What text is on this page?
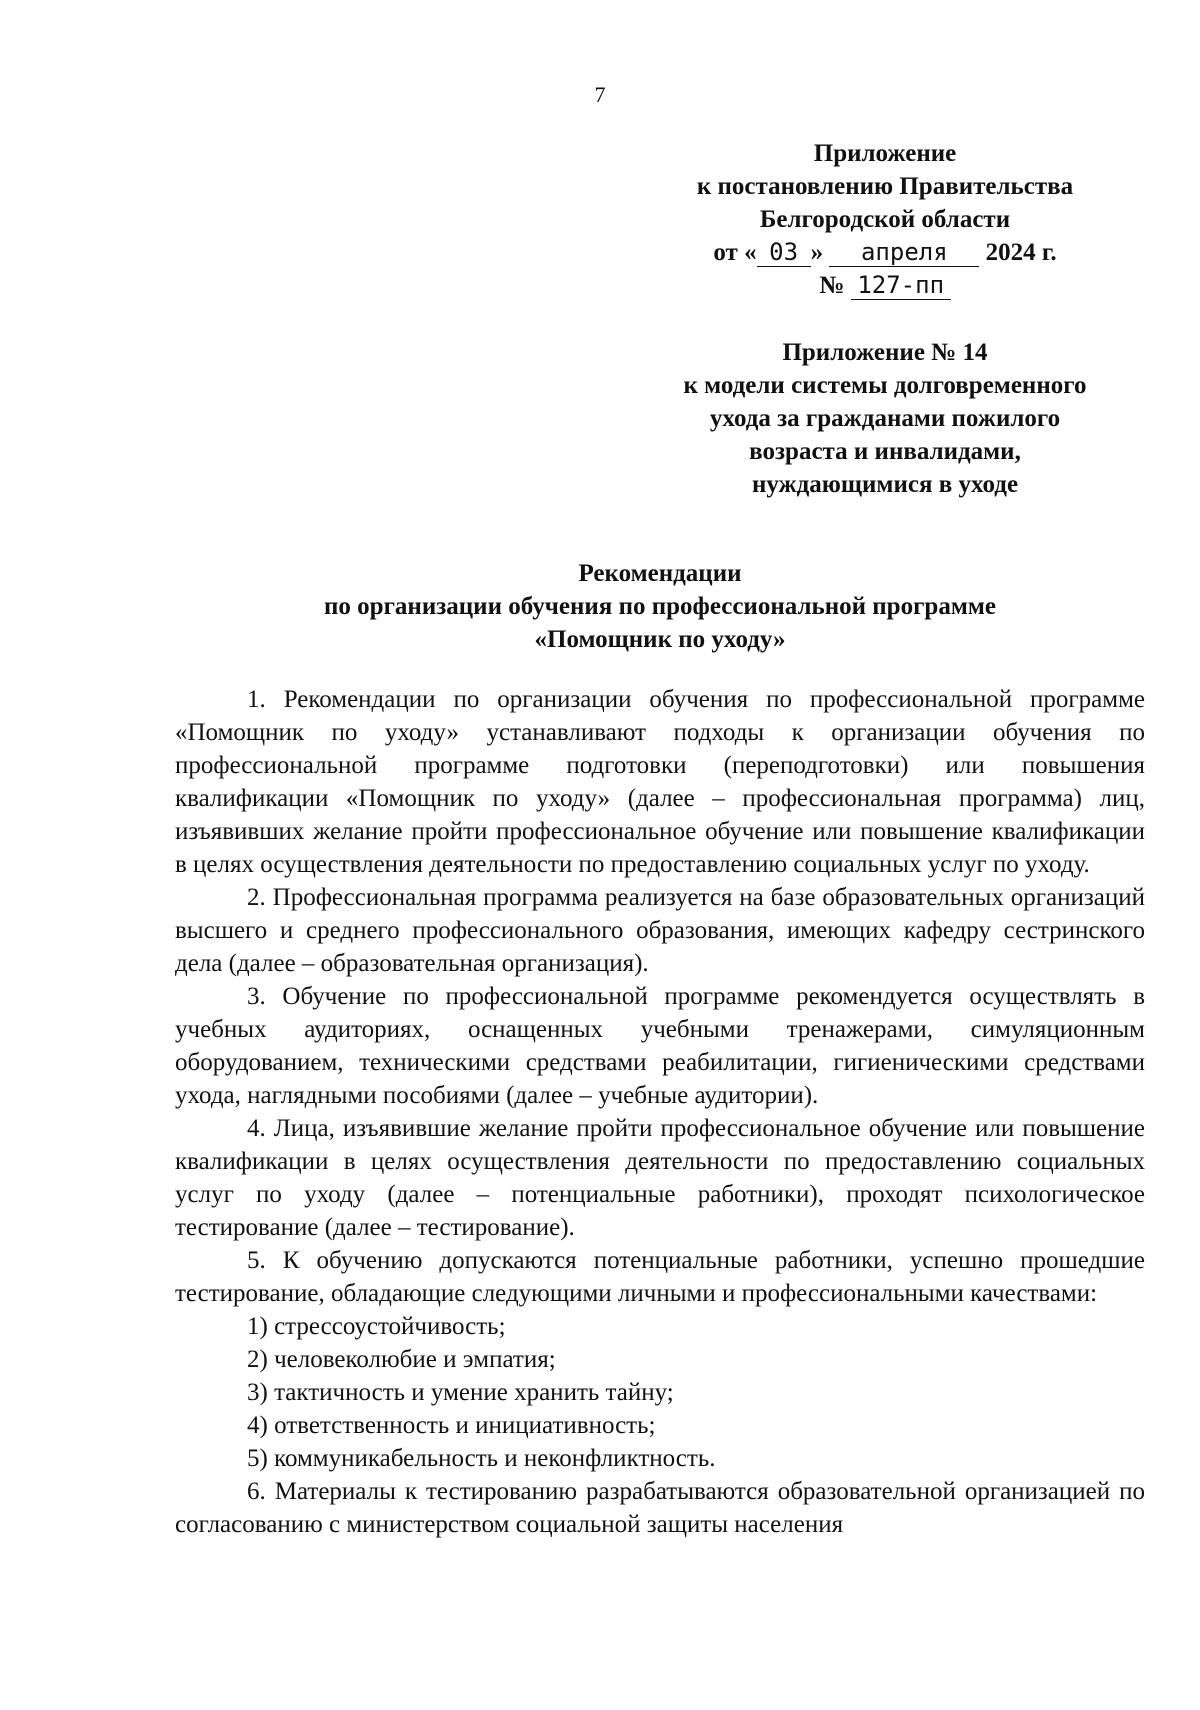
7
Приложение
к постановлению Правительства
Белгородской области
от « 03 » апреля 2024 г.
№ 127-пп
Приложение № 14
к модели системы долговременного
ухода за гражданами пожилого
возраста и инвалидами,
нуждающимися в уходе
Рекомендации
по организации обучения по профессиональной программе
«Помощник по уходу»

1. Рекомендации по организации обучения по профессиональной программе «Помощник по уходу» устанавливают подходы к организации обучения по профессиональной программе подготовки (переподготовки) или повышения квалификации «Помощник по уходу» (далее – профессиональная программа) лиц, изъявивших желание пройти профессиональное обучение или повышение квалификации в целях осуществления деятельности по предоставлению социальных услуг по уходу.

2. Профессиональная программа реализуется на базе образовательных организаций высшего и среднего профессионального образования, имеющих кафедру сестринского дела (далее – образовательная организация).

3. Обучение по профессиональной программе рекомендуется осуществлять в учебных аудиториях, оснащенных учебными тренажерами, симуляционным оборудованием, техническими средствами реабилитации, гигиеническими средствами ухода, наглядными пособиями (далее – учебные аудитории).

4. Лица, изъявившие желание пройти профессиональное обучение или повышение квалификации в целях осуществления деятельности по предоставлению социальных услуг по уходу (далее – потенциальные работники), проходят психологическое тестирование (далее – тестирование).

5. К обучению допускаются потенциальные работники, успешно прошедшие тестирование, обладающие следующими личными и профессиональными качествами:

1) стрессоустойчивость;

2) человеколюбие и эмпатия;

3) тактичность и умение хранить тайну;

4) ответственность и инициативность;

5) коммуникабельность и неконфликтность.

6. Материалы к тестированию разрабатываются образовательной организацией по согласованию с министерством социальной защиты населения
